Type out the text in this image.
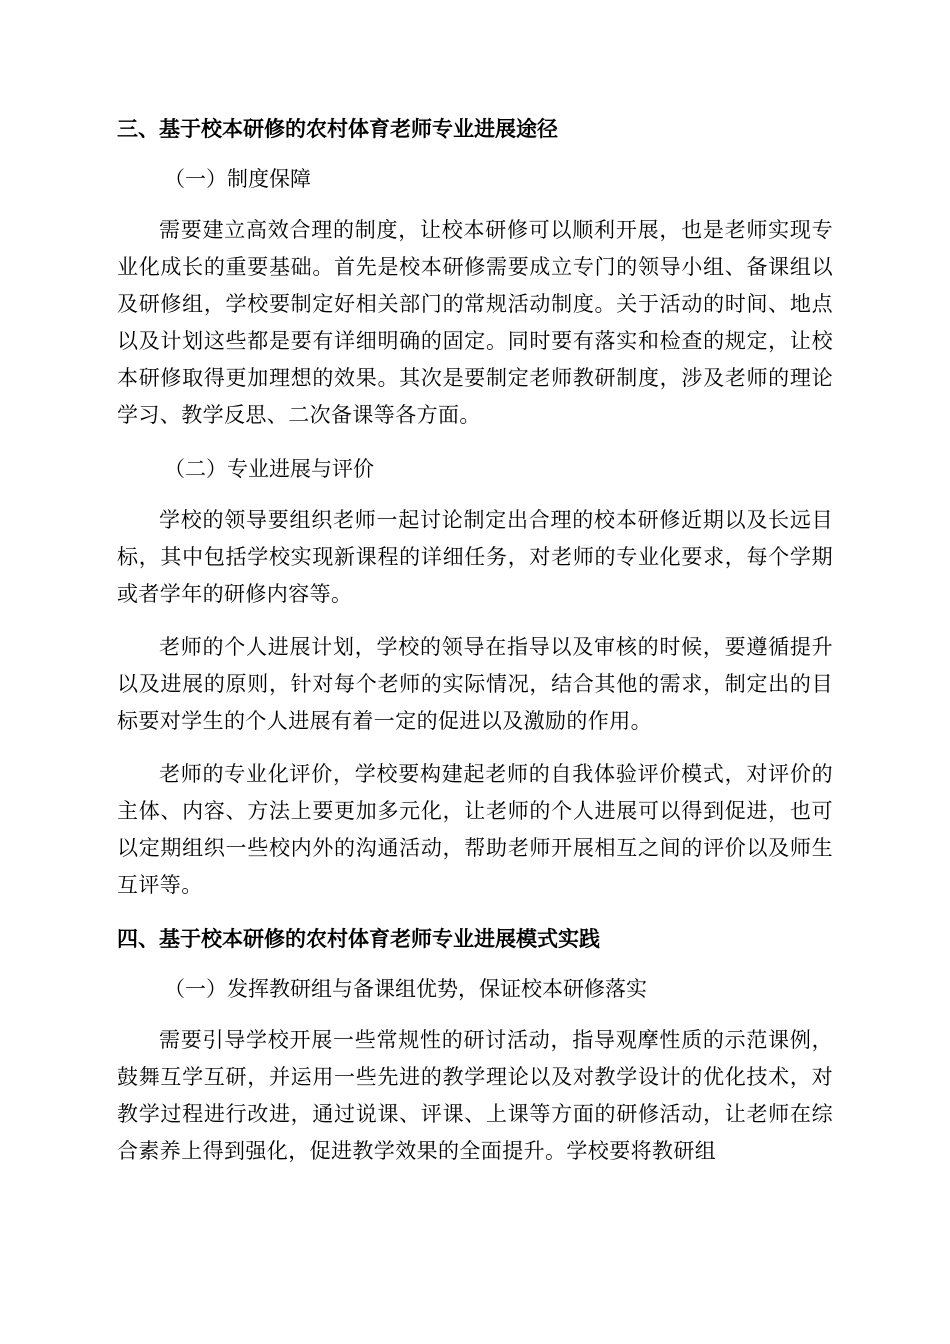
三、基于校本研修的农村体育老师专业进展途径
（一）制度保障

需要建立高效合理的制度，让校本研修可以顺利开展，也是老师实现专业化成长的重要基础。首先是校本研修需要成立专门的领导小组、备课组以及研修组，学校要制定好相关部门的常规活动制度。关于活动的时间、地点以及计划这些都是要有详细明确的固定。同时要有落实和检查的规定，让校本研修取得更加理想的效果。其次是要制定老师教研制度，涉及老师的理论学习、教学反思、二次备课等各方面。

（二）专业进展与评价

学校的领导要组织老师一起讨论制定出合理的校本研修近期以及长远目标，其中包括学校实现新课程的详细任务，对老师的专业化要求，每个学期或者学年的研修内容等。

老师的个人进展计划，学校的领导在指导以及审核的时候，要遵循提升以及进展的原则，针对每个老师的实际情况，结合其他的需求，制定出的目标要对学生的个人进展有着一定的促进以及激励的作用。

老师的专业化评价，学校要构建起老师的自我体验评价模式，对评价的主体、内容、方法上要更加多元化，让老师的个人进展可以得到促进，也可以定期组织一些校内外的沟通活动，帮助老师开展相互之间的评价以及师生互评等。

四、基于校本研修的农村体育老师专业进展模式实践
（一）发挥教研组与备课组优势，保证校本研修落实

需要引导学校开展一些常规性的研讨活动，指导观摩性质的示范课例，鼓舞互学互研，并运用一些先进的教学理论以及对教学设计的优化技术，对教学过程进行改进，通过说课、评课、上课等方面的研修活动，让老师在综合素养上得到强化，促进教学效果的全面提升。学校要将教研组
